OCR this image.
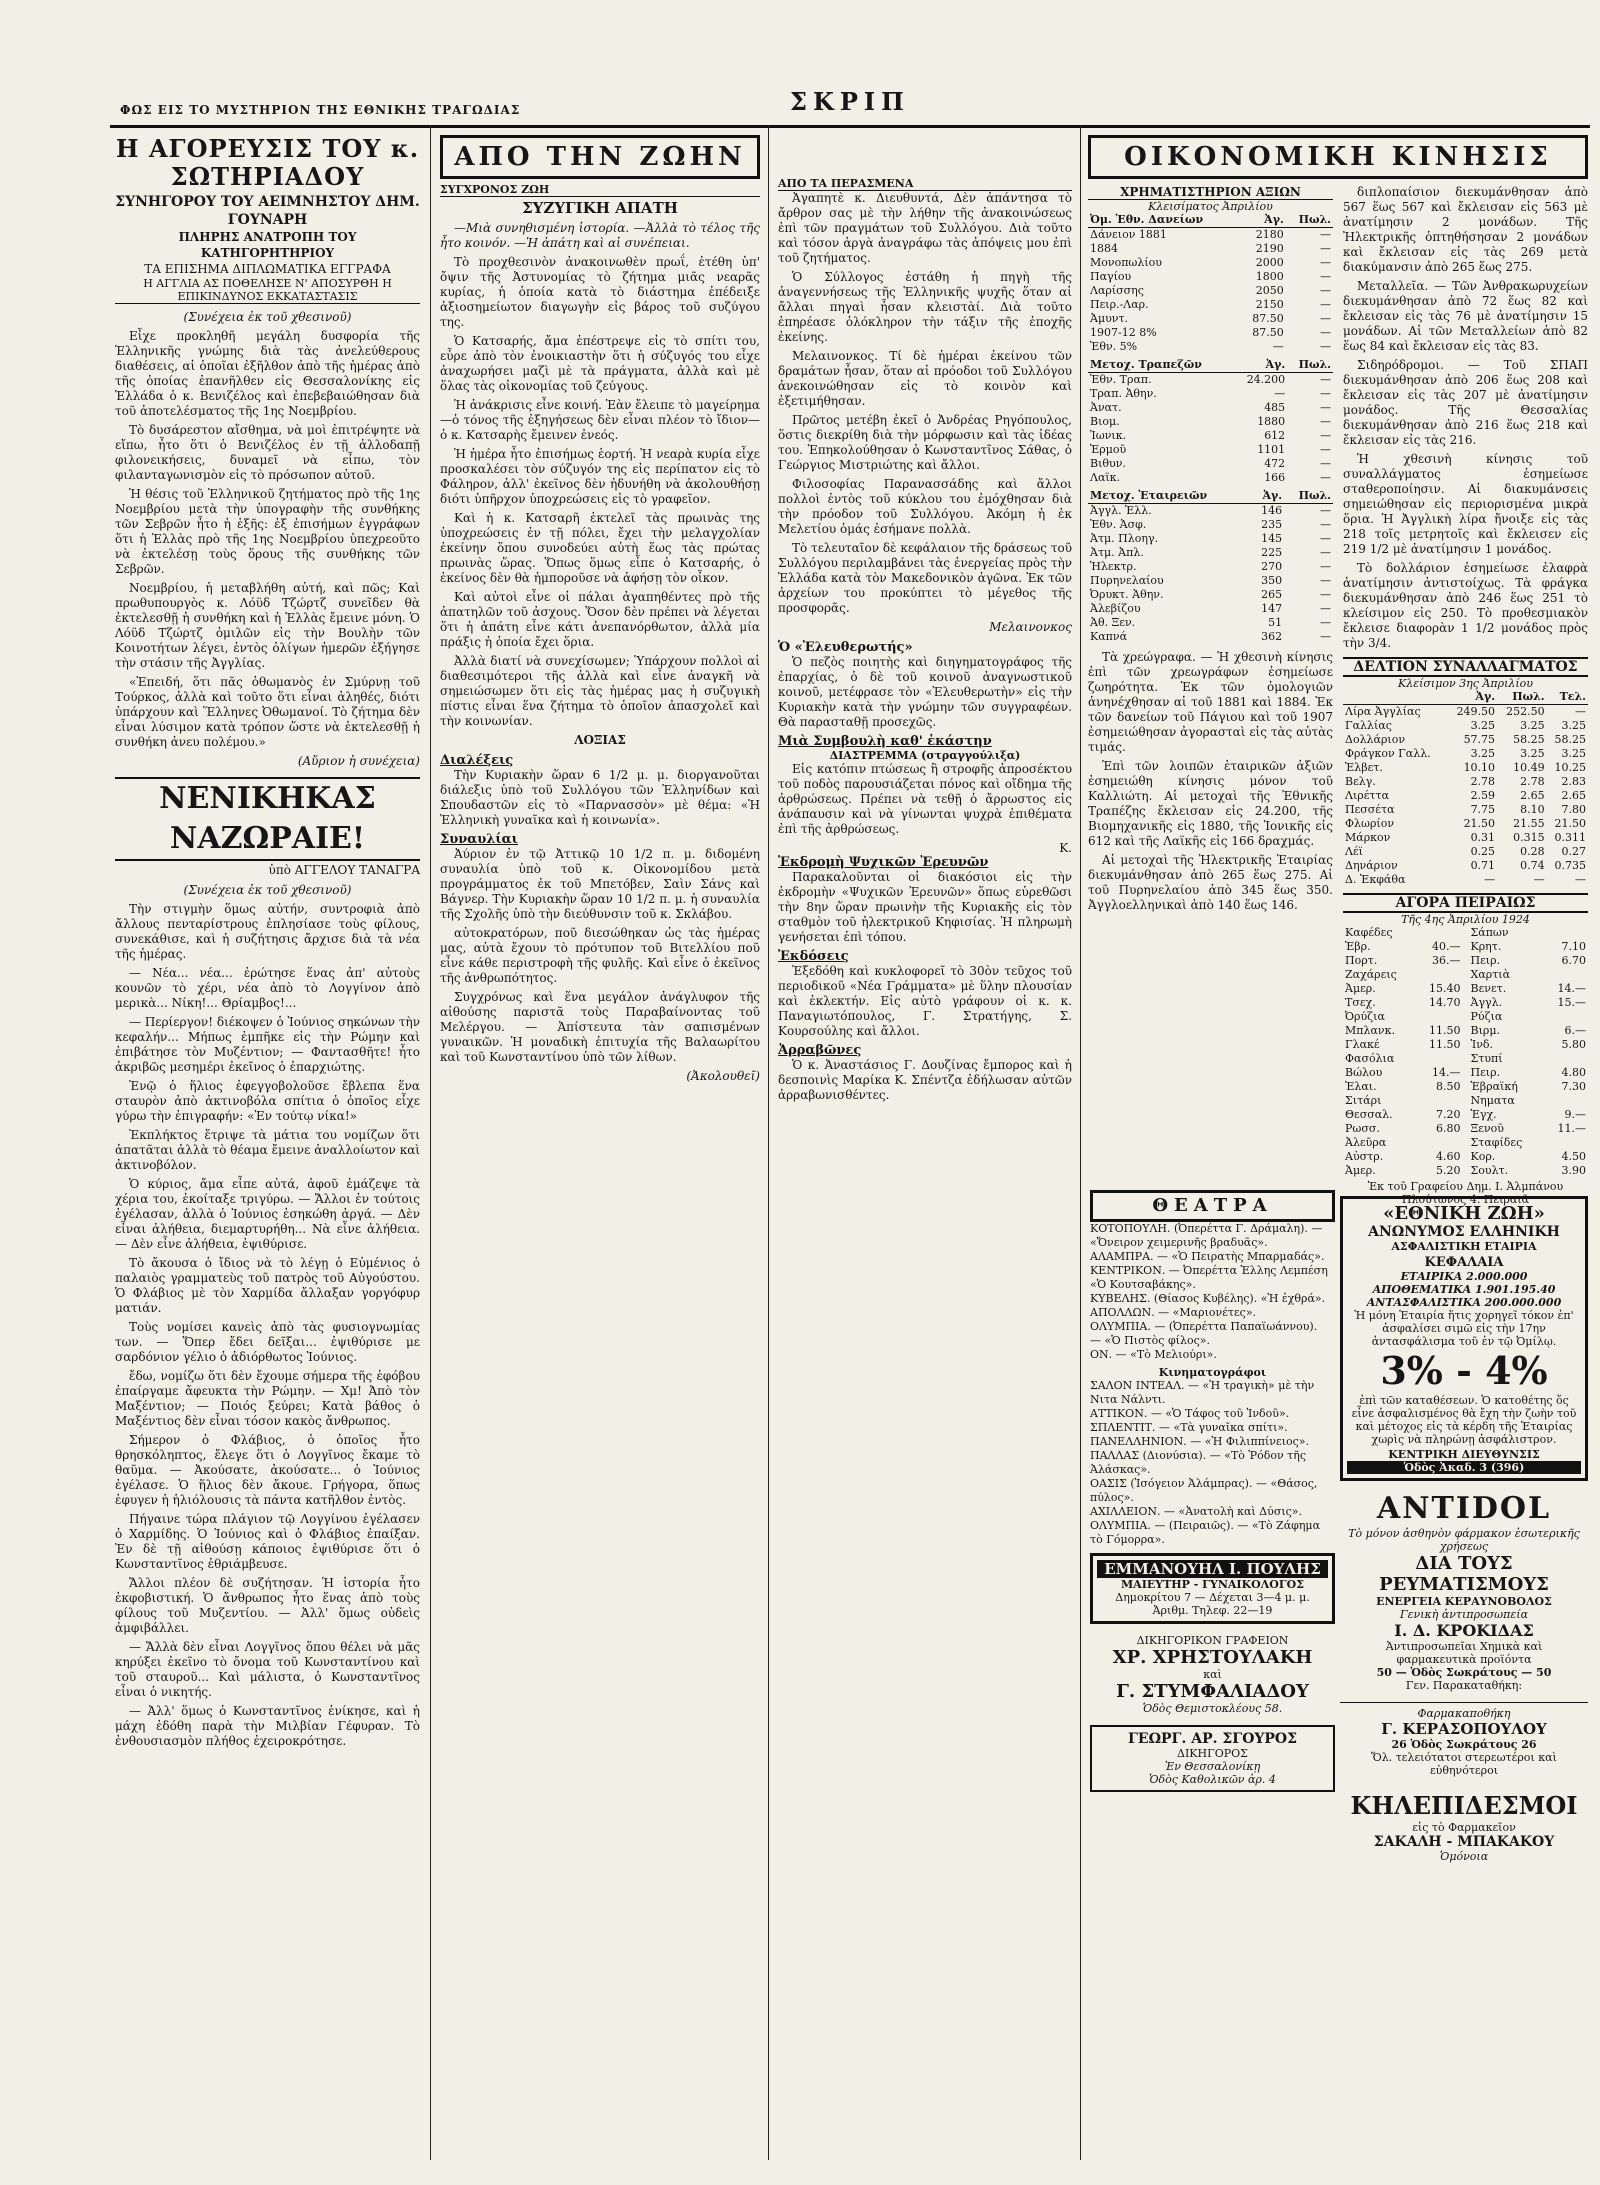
ΦΩΣ ΕΙΣ ΤΟ ΜΥΣΤΗΡΙΟΝ ΤΗΣ ΕΘΝΙΚΗΣ ΤΡΑΓΩΔΙΑΣ	ΣΚΡΙΠ
Η ΑΓΟΡΕΥΣΙΣ ΤΟΥ κ. ΣΩΤΗΡΙΑΔΟΥ
ΣΥΝΗΓΟΡΟΥ ΤΟΥ ΑΕΙΜΝΗΣΤΟΥ ΔΗΜ. ΓΟΥΝΑΡΗ
ΠΛΗΡΗΣ ΑΝΑΤΡΟΠΗ ΤΟΥ ΚΑΤΗΓΟΡΗΤΗΡΙΟΥ
ΤΑ ΕΠΙΣΗΜΑ ΔΙΠΛΩΜΑΤΙΚΑ ΕΓΓΡΑΦΑ
Η ΑΓΓΛΙΑ ΑΣ ΠΟΘΕΛΗΣΕ Ν' ΑΠΟΣΥΡΘΗ Η ΕΠΙΚΙΝΔΥΝΟΣ ΕΚΚΑΤΑΣΤΑΣΙΣ

(Συνέχεια ἐκ τοῦ χθεσινοῦ)

Εἶχε προκληθῆ μεγάλη δυσφορία τῆς Ἑλληνικῆς γνώμης διὰ τὰς ἀνελεύθερους διαθέσεις, αἱ ὁποῖαι ἐξῆλθον ἀπὸ τῆς ἡμέρας ἀπὸ τῆς ὁποίας ἐπανῆλθεν εἰς Θεσσαλονίκης εἰς Ἑλλάδα ὁ κ. Βενιζέλος καὶ ἐπεβεβαιώθησαν διὰ τοῦ ἀποτελέσματος τῆς 1ης Νοεμβρίου.

Τὸ δυσάρεστον αἴσθημα, νὰ μοὶ ἐπιτρέψητε νὰ εἴπω, ἦτο ὅτι ὁ Βενιζέλος ἐν τῇ ἀλλοδαπῇ φιλονεικήσεις, δυναμεῖ νὰ εἶπω, τὸν φιλανταγωνισμὸν εἰς τὸ πρόσωπον αὐτοῦ.

Ἡ θέσις τοῦ Ἑλληνικοῦ ζητήματος πρὸ τῆς 1ης Νοεμβρίου μετὰ τὴν ὑπογραφὴν τῆς συνθήκης τῶν Σεβρῶν ἦτο ἡ ἑξῆς: ἐξ ἐπισήμων ἐγγράφων ὅτι ἡ Ἑλλὰς πρὸ τῆς 1ης Νοεμβρίου ὑπεχρεοῦτο νὰ ἐκτελέσῃ τοὺς ὅρους τῆς συνθήκης τῶν Σεβρῶν.

Νοεμβρίου, ἡ μεταβλήθη αὐτή, καὶ πῶς; Καὶ πρωθυπουργὸς κ. Λόϋδ Τζώρτζ συνεῖδεν θὰ ἐκτελεσθῇ ἡ συνθήκη καὶ ἡ Ἑλλὰς ἔμεινε μόνη. Ὁ Λόϋδ Τζώρτζ ὁμιλῶν εἰς τὴν Βουλὴν τῶν Κοινοτήτων λέγει, ἐντὸς ὀλίγων ἡμερῶν ἐξήγησε τὴν στάσιν τῆς Ἀγγλίας.

«Ἐπειδή, ὅτι πᾶς ὁθωμανὸς ἐν Σμύρνῃ τοῦ Τούρκος, ἀλλὰ καὶ τοῦτο ὅτι εἶναι ἀληθές, διότι ὑπάρχουν καὶ Ἕλληνες Ὀθωμανοί. Τὸ ζήτημα δὲν εἶναι λύσιμον κατὰ τρόπον ὥστε νὰ ἐκτελεσθῇ ἡ συνθήκη ἀνευ πολέμου.»

(Αὔριον ἡ συνέχεια)

ΝΕΝΙΚΗΚΑΣ ΝΑΖΩΡΑΙΕ!
ὑπὸ ΑΓΓΕΛΟΥ ΤΑΝΑΓΡΑ

(Συνέχεια ἐκ τοῦ χθεσινοῦ)

Τὴν στιγμὴν ὅμως αὐτήν, συντροφιὰ ἀπὸ ἄλλους πενταρίστρους ἐπλησίασε τοὺς φίλους, συνεκάθισε, καὶ ἡ συζήτησις ἄρχισε διὰ τὰ νέα τῆς ἡμέρας.

— Νέα... νέα... ἐρώτησε ἕνας ἀπ' αὐτοὺς κουνῶν τὸ χέρι, νέα ἀπὸ τὸ Λογγίνον ἀπὸ μερικὰ... Νίκη!... Θρίαμβος!...

— Περίεργον! διέκοψεν ὁ Ἰούνιος σηκώνων τὴν κεφαλήν... Μήπως ἐμπῆκε εἰς τὴν Ρώμην καὶ ἐπιβάτησε τὸν Μυζέντιον; — Φαντασθῆτε! ἦτο ἀκριβῶς μεσημέρι ἐκεῖνος ὁ ἐπαρχιώτης.

Ἐνῷ ὁ ἥλιος ἐφεγγοβολοῦσε ἔβλεπα ἕνα σταυρὸν ἀπὸ ἀκτινοβόλα σπίτια ὁ ὁποῖος εἶχε γύρω τὴν ἐπιγραφήν: «Ἐν τούτῳ νίκα!»

Ἐκπλήκτος ἔτριψε τὰ μάτια του νομίζων ὅτι ἀπατᾶται ἀλλὰ τὸ θέαμα ἔμεινε ἀναλλοίωτον καὶ ἀκτινοβόλον.

Ὁ κύριος, ἄμα εἶπε αὐτά, ἀφοῦ ἐμάζεψε τὰ χέρια του, ἐκοίταξε τριγύρω. — Ἄλλοι ἐν τούτοις ἐγέλασαν, ἀλλὰ ὁ Ἰούνιος ἐσηκώθη ἀργά. — Δὲν εἶναι ἀλήθεια, διεμαρτυρήθη... Νὰ εἶνε ἀλήθεια. — Δὲν εἶνε ἀλήθεια, ἐψιθύρισε.

Τὸ ἄκουσα ὁ ἴδιος νὰ τὸ λέγῃ ὁ Εὐμένιος ὁ παλαιὸς γραμματεὺς τοῦ πατρὸς τοῦ Αὐγούστου. Ὁ Φλάβιος μὲ τὸν Χαρμίδα ἄλλαξαν γοργόφυρ ματιάν.

Τοὺς νομίσει κανεὶς ἀπὸ τὰς φυσιογνωμίας των. — Ὅπερ ἔδει δεῖξαι... ἐψιθύρισε με σαρδόνιον γέλιο ὁ ἀδιόρθωτος Ἰούνιος.

ἔδω, νομίζω ὅτι δὲν ἔχουμε σήμερα τῆς ἐφόβου ἐπαίργαμε ἄφευκτα τὴν Ρώμην. — Χμ! Ἀπὸ τὸν Μαξέντιον; — Ποιός ξεύρει; Κατὰ βάθος ὁ Μαξέντιος δὲν εἶναι τόσον κακὸς ἄνθρωπος.

Σήμερον ὁ Φλάβιος, ὁ ὁποῖος ἦτο θρησκόληπτος, ἔλεγε ὅτι ὁ Λογγῖνος ἔκαμε τὸ θαῦμα. — Ἀκούσατε, ἀκούσατε... ὁ Ἰούνιος ἐγέλασε. Ὁ ἥλιος δὲν ἄκουε. Γρήγορα, ὅπως ἐφυγεν ἡ ἡλιόλουσις τὰ πάντα κατῆλθον ἐντὸς.

Πήγαινε τώρα πλάγιον τῷ Λογγίνου ἐγέλασεν ὁ Χαρμίδης. Ὁ Ἰούνιος καὶ ὁ Φλάβιος ἐπαίξαν. Ἐν δὲ τῇ αἰθούσῃ κάποιος ἐψιθύρισε ὅτι ὁ Κωνσταντῖνος ἐθριάμβευσε.

Ἄλλοι πλέον δὲ συζήτησαν. Ἡ ἱστορία ἦτο ἐκφοβιστική. Ὁ ἄνθρωπος ἦτο ἕνας ἀπὸ τοὺς φίλους τοῦ Μυζεντίου. — Ἀλλ' ὅμως οὐδεὶς ἀμφιβάλλει.

— Ἄλλὰ δὲν εἶναι Λογγῖνος ὅπου θέλει νὰ μᾶς κηρύξει ἐκεῖνο τὸ ὄνομα τοῦ Κωνσταντίνου καὶ τοῦ σταυροῦ... Καὶ μάλιστα, ὁ Κωνσταντῖνος εἶναι ὁ νικητής.

— Ἀλλ' ὅμως ὁ Κωνσταντῖνος ἐνίκησε, καὶ ἡ μάχη ἐδόθη παρὰ τὴν Μιλβίαν Γέφυραν. Τὸ ἐνθουσιασμὸν πλήθος ἐχειροκρότησε.

ΑΠΟ ΤΗΝ ΖΩΗΝ
ΣΥΓΧΡΟΝΟΣ ΖΩΗ
ΣΥΖΥΓΙΚΗ ΑΠΑΤΗ

—Μιὰ συνηθισμένη ἱστορία. —Ἀλλὰ τὸ τέλος τῆς ἦτο κοινόν. —Ἡ ἀπάτη καὶ αἱ συνέπειαι.

Τὸ προχθεσινὸν ἀνακοινωθὲν πρωΐ, ἐτέθη ὑπ' ὄψιν τῆς Ἀστυνομίας τὸ ζήτημα μιᾶς νεαρᾶς κυρίας, ἡ ὁποία κατὰ τὸ διάστημα ἐπέδειξε ἀξιοσημείωτον διαγωγὴν εἰς βάρος τοῦ συζύγου της.

Ὁ Κατσαρής, ἄμα ἐπέστρεψε εἰς τὸ σπίτι του, εὗρε ἀπὸ τὸν ἐνοικιαστὴν ὅτι ἡ σύζυγός του εἶχε ἀναχωρήσει μαζὶ μὲ τὰ πράγματα, ἀλλὰ καὶ μὲ ὅλας τὰς οἰκονομίας τοῦ ζεύγους.

Ἡ ἀνάκρισις εἶνε κοινή. Ἐὰν ἔλειπε τὸ μαγείρημα—ὁ τόνος τῆς ἐξηγήσεως δὲν εἶναι πλέον τὸ ἴδιον—ὁ κ. Κατσαρὴς ἔμεινεν ἐνεός.

Ἡ ἡμέρα ἦτο ἐπισήμως ἑορτή. Ἡ νεαρὰ κυρία εἶχε προσκαλέσει τὸν σύζυγόν της εἰς περίπατον εἰς τὸ Φάληρον, ἀλλ' ἐκεῖνος δὲν ἠδυνήθη νὰ ἀκολουθήσῃ διότι ὑπῆρχον ὑποχρεώσεις εἰς τὸ γραφεῖον.

Καὶ ἡ κ. Κατσαρῆ ἐκτελεῖ τὰς πρωινὰς της ὑποχρεώσεις ἐν τῇ πόλει, ἔχει τὴν μελαγχολίαν ἐκείνην ὅπου συνοδεύει αὐτὴ ἕως τὰς πρώτας πρωινὰς ὥρας. Ὅπως ὅμως εἶπε ὁ Κατσαρής, ὁ ἐκείνος δὲν θὰ ἠμποροῦσε νὰ ἀφήσῃ τὸν οἶκον.

Καὶ αὐτοὶ εἶνε οἱ πάλαι ἀγαπηθέντες πρὸ τῆς ἀπατηλῶν τοῦ ἀσχους. Ὅσον δὲν πρέπει νὰ λέγεται ὅτι ἡ ἀπάτη εἶνε κάτι ἀνεπανόρθωτον, ἀλλὰ μία πράξις ἡ ὁποία ἔχει ὅρια.

Ἀλλὰ διατί νὰ συνεχίσωμεν; Ὑπάρχουν πολλοὶ αἱ διαθεσιμότεροι τῆς ἀλλὰ καὶ εἶνε ἀναγκῆ νὰ σημειώσωμεν ὅτι εἰς τὰς ἡμέρας μας ἡ συζυγικὴ πίστις εἶναι ἕνα ζήτημα τὸ ὁποῖον ἀπασχολεῖ καὶ τὴν κοινωνίαν.

ΛΟΞΙΑΣ
Διαλέξεις

Τὴν Κυριακὴν ὥραν 6 1/2 μ. μ. διοργανοῦται διάλεξις ὑπὸ τοῦ Συλλόγου τῶν Ἑλληνίδων καὶ Σπουδαστῶν εἰς τὸ «Παρνασσὸν» μὲ θέμα: «Ἡ Ἑλληνικὴ γυναῖκα καὶ ἡ κοινωνία».

Συναυλίαι

Ἀύριον ἐν τῷ Ἀττικῷ 10 1/2 π. μ. διδομένη συναυλία ὑπὸ τοῦ κ. Οἰκονομίδου μετὰ προγράμματος ἐκ τοῦ Μπετόβεν, Σαὶν Σάνς καὶ Βάγνερ. Τὴν Κυριακὴν ὥραν 10 1/2 π. μ. ἡ συναυλία τῆς Σχολῆς ὑπὸ τὴν διεύθυνσιν τοῦ κ. Σκλάβου.

αὐτοκρατόρων, ποῦ διεσώθηκαν ὡς τὰς ἡμέρας μας, αὐτὰ ἔχουν τὸ πρότυπον τοῦ Βιτελλίου ποῦ εἶνε κάθε περιστροφὴ τῆς φυλῆς. Καὶ εἶνε ὁ ἐκεῖνος τῆς ἀνθρωπότητος.

Συγχρόνως καὶ ἕνα μεγάλον ἀνάγλυφον τῆς αἰθούσης παριστᾶ τοὺς Παραβαίνοντας τοῦ Μελέργου. — Ἀπίστευτα τὰν σαπισμένων γυναικῶν. Ἡ μοναδικὴ ἐπιτυχία τῆς Βαλαωρίτου καὶ τοῦ Κωνσταντίνου ὑπὸ τῶν λίθων.

(Ἀκολουθεῖ)

ΑΠΟ ΤΑ ΠΕΡΑΣΜΕΝΑ

Ἀγαπητὲ κ. Διευθυντά, Δὲν ἀπάντησα τὸ ἄρθρον σας μὲ τὴν λήθην τῆς ἀνακοινώσεως ἐπὶ τῶν πραγμάτων τοῦ Συλλόγου. Διὰ τοῦτο καὶ τόσον ἀργὰ ἀναγράφω τὰς ἀπόψεις μου ἐπὶ τοῦ ζητήματος.

Ὁ Σύλλογος ἐστάθη ἡ πηγὴ τῆς ἀναγεννήσεως τῆς Ἑλληνικῆς ψυχῆς ὅταν αἱ ἄλλαι πηγαὶ ἦσαν κλειστὰί. Διὰ τοῦτο ἐπηρέασε ὁλόκληρον τὴν τάξιν τῆς ἐποχῆς ἐκείνης.

Μελαινονκος. Τί δὲ ἡμέραι ἐκείνου τῶν δραμάτων ἦσαν, ὅταν αἱ πρόοδοι τοῦ Συλλόγου ἀνεκοινώθησαν εἰς τὸ κοινὸν καὶ ἐξετιμήθησαν.

Πρῶτος μετέβη ἐκεῖ ὁ Ἀνδρέας Ρηγόπουλος, ὅστις διεκρίθη διὰ τὴν μόρφωσιν καὶ τὰς ἰδέας του. Ἐπηκολούθησαν ὁ Κωνσταντῖνος Σάθας, ὁ Γεώργιος Μιστριώτης καὶ ἄλλοι.

Φιλοσοφίας Παρανασσάδης καὶ ἄλλοι πολλοὶ ἐντὸς τοῦ κύκλου του ἐμόχθησαν διὰ τὴν πρόοδον τοῦ Συλλόγου. Ἀκόμη ἡ ἐκ Μελετίου ὁμάς ἐσήμανε πολλὰ.

Τὸ τελευταῖον δὲ κεφάλαιον τῆς δράσεως τοῦ Συλλόγου περιλαμβάνει τὰς ἐνεργείας πρὸς τὴν Ἑλλάδα κατὰ τὸν Μακεδονικὸν ἀγῶνα. Ἐκ τῶν ἀρχείων του προκύπτει τὸ μέγεθος τῆς προσφορᾶς.

Μελαινονκος
Ὁ «Ἐλευθερωτής»

Ὁ πεζὸς ποιητὴς καὶ διηγηματογράφος τῆς ἐπαρχίας, ὁ δὲ τοῦ κοινοῦ ἀναγνωστικοῦ κοινοῦ, μετέφρασε τὸν «Ἐλευθερωτὴν» εἰς τὴν Κυριακὴν κατὰ τὴν γνώμην τῶν συγγραφέων. Θὰ παρασταθῇ προσεχῶς.

Μιὰ Συμβουλὴ καθ' ἑκάστην
ΔΙΑΣΤΡΕΜΜΑ (στραγγούλιξα)

Εἰς κατόπιν πτώσεως ἢ στροφῆς ἀπροσέκτου τοῦ ποδὸς παρουσιάζεται πόνος καὶ οἴδημα τῆς ἀρθρώσεως. Πρέπει νὰ τεθῇ ὁ ἄρρωστος εἰς ἀνάπαυσιν καὶ νὰ γίνωνται ψυχρὰ ἐπιθέματα ἐπὶ τῆς ἀρθρώσεως.

Κ.
Ἑκδρομὴ Ψυχικῶν Ἐρευνῶν

Παρακαλοῦνται οἱ διακόσιοι εἰς τὴν ἐκδρομὴν «Ψυχικῶν Ἐρευνῶν» ὅπως εὑρεθῶσι τὴν 8ην ὥραν πρωινὴν τῆς Κυριακῆς εἰς τὸν σταθμὸν τοῦ ἠλεκτρικοῦ Κηφισίας. Ἡ πληρωμὴ γενήσεται ἐπὶ τόπου.

Ἐκδόσεις

Ἐξεδόθη καὶ κυκλοφορεῖ τὸ 30ὸν τεῦχος τοῦ περιοδικοῦ «Νέα Γράμματα» μὲ ὕλην πλουσίαν καὶ ἐκλεκτήν. Εἰς αὐτὸ γράφουν οἱ κ. κ. Παναγιωτόπουλος, Γ. Στρατήγης, Σ. Κουρσούλης καὶ ἄλλοι.

Ἀρραβῶνες

Ὁ κ. Ἀναστάσιος Γ. Δουζίνας ἔμπορος καὶ ἡ δεσποινὶς Μαρίκα Κ. Σπέντζα ἐδήλωσαν αὐτῶν ἀρραβωνισθέντες.

ΟΙΚΟΝΟΜΙΚΗ ΚΙΝΗΣΙΣ
ΧΡΗΜΑΤΙΣΤΗΡΙΟΝ ΑΞΙΩΝ
Κλεισίματος Ἀπριλίου
Ὀμ. Ἐθν. Δανείων	Ἀγ.	Πωλ.
Δάνειον 1881	2180	—
1884	2190	—
Μονοπωλίου	2000	—
Παγίου	1800	—
Λαρίσσης	2050	—
Πειρ.-Λαρ.	2150	—
Ἀμυντ.	87.50	—
1907-12 8%	87.50	—
Ἐθν. 5%	—	—
Μετοχ. Τραπεζῶν	Ἀγ.	Πωλ.
Ἐθν. Τραπ.	24.200	—
Τραπ. Ἀθην.	—	—
Ἀνατ.	485	—
Βιομ.	1880	—
Ἰωνικ.	612	—
Ἑρμοῦ	1101	—
Βιθυν.	472	—
Λαϊκ.	166	—
Μετοχ. Ἑταιρειῶν	Ἀγ.	Πωλ.
Ἀγγλ. Ἑλλ.	146	—
Ἐθν. Ἀσφ.	235	—
Ἀτμ. Πλοηγ.	145	—
Ἀτμ. Ἀπλ.	225	—
Ἡλεκτρ.	270	—
Πυρηνελαίου	350	—
Ὀρυκτ. Ἀθην.	265	—
Ἀλεβίζου	147	—
Ἀθ. Ξεν.	51	—
Καπνά	362	—

Τὰ χρεώγραφα. — Ἡ χθεσινὴ κίνησις ἐπὶ τῶν χρεωγράφων ἐσημείωσε ζωηρότητα. Ἐκ τῶν ὀμολογιῶν ἀνηνέχθησαν αἱ τοῦ 1881 καὶ 1884. Ἐκ τῶν δανείων τοῦ Πάγιου καὶ τοῦ 1907 ἐσημειώθησαν ἀγορασταὶ εἰς τὰς αὐτὰς τιμάς.

Ἐπὶ τῶν λοιπῶν ἑταιρικῶν ἀξιῶν ἐσημειώθη κίνησις μόνον τοῦ Καλλιώτη. Αἱ μετοχαὶ τῆς Ἐθνικῆς Τραπέζης ἔκλεισαν εἰς 24.200, τῆς Βιομηχανικῆς εἰς 1880, τῆς Ἰονικῆς εἰς 612 καὶ τῆς Λαϊκῆς εἰς 166 δραχμάς.

Αἱ μετοχαὶ τῆς Ἠλεκτρικῆς Ἑταιρίας διεκυμάνθησαν ἀπὸ 265 ἕως 275. Αἱ τοῦ Πυρηνελαίου ἀπὸ 345 ἕως 350. Ἀγγλοελληνικαὶ ἀπὸ 140 ἕως 146.

διπλοπαίσιον διεκυμάνθησαν ἀπὸ 567 ἕως 567 καὶ ἔκλεισαν εἰς 563 μὲ ἀνατίμησιν 2 μονάδων. Τῆς Ἠλεκτρικῆς ὁπτηθήσησαν 2 μονάδων καὶ ἔκλεισαν εἰς τὰς 269 μετὰ διακύμανσιν ἀπὸ 265 ἕως 275.

Μεταλλεῖα. — Τῶν Ἀνθρακωρυχείων διεκυμάνθησαν ἀπὸ 72 ἕως 82 καὶ ἔκλεισαν εἰς τὰς 76 μὲ ἀνατίμησιν 15 μονάδων. Αἱ τῶν Μεταλλείων ἀπὸ 82 ἕως 84 καὶ ἔκλεισαν εἰς τὰς 83.

Σιδηρόδρομοι. — Τοῦ ΣΠΑΠ διεκυμάνθησαν ἀπὸ 206 ἕως 208 καὶ ἔκλεισαν εἰς τὰς 207 μὲ ἀνατίμησιν μονάδος. Τῆς Θεσσαλίας διεκυμάνθησαν ἀπὸ 216 ἕως 218 καὶ ἔκλεισαν εἰς τὰς 216.

Ἡ χθεσινὴ κίνησις τοῦ συναλλάγματος ἐσημείωσε σταθεροποίησιν. Αἱ διακυμάνσεις σημειώθησαν εἰς περιορισμένα μικρὰ ὅρια. Ἡ Ἀγγλικὴ λίρα ἤνοιξε εἰς τὰς 218 τοῖς μετρητοῖς καὶ ἔκλεισεν εἰς 219 1/2 μὲ ἀνατίμησιν 1 μονάδος.

Τὸ δολλάριον ἐσημείωσε ἐλαφρὰ ἀνατίμησιν ἀντιστοίχως. Τὰ φράγκα διεκυμάνθησαν ἀπὸ 246 ἕως 251 τὸ κλείσιμον εἰς 250. Τὸ προθεσμιακὸν ἔκλεισε διαφορὰν 1 1/2 μονάδος πρὸς τὴν 3/4.

ΔΕΛΤΙΟΝ ΣΥΝΑΛΛΑΓΜΑΤΟΣ
Κλείσιμον 3ης Ἀπριλίου
	Ἀγ.	Πωλ.	Τελ.
Λίρα Ἀγγλίας	249.50	252.50	—
Γαλλίας	3.25	3.25	3.25
Δολλάριον	57.75	58.25	58.25
Φράγκον Γαλλ.	3.25	3.25	3.25
Ἑλβετ.	10.10	10.49	10.25
Βελγ.	2.78	2.78	2.83
Λιρέττα	2.59	2.65	2.65
Πεσσέτα	7.75	8.10	7.80
Φλωρίον	21.50	21.55	21.50
Μάρκον	0.31	0.315	0.311
Λέϊ	0.25	0.28	0.27
Δηνάριον	0.71	0.74	0.735
Δ. Ἐκφάθα	—	—	—
ΑΓΟΡΑ ΠΕΙΡΑΙΩΣ
Τῆς 4ης Ἀπριλίου 1924
Καφέδες	
Ἑβρ.	40.—
Πορτ.	36.—
Ζαχάρεις	
Ἀμερ.	15.40
Τσεχ.	14.70
Ὀρύζια	
Μπλανκ.	11.50
Γλακέ	11.50
Φασόλια	
Βώλου	14.—
Ἐλαι.	8.50
Σιτάρι	
Θεσσαλ.	7.20
Ρωσσ.	6.80
Ἀλεῦρα	
Αὐστρ.	4.60
Ἀμερ.	5.20
Σάπων	
Κρητ.	7.10
Πειρ.	6.70
Χαρτιὰ	
Βενετ.	14.—
Ἀγγλ.	15.—
Ρύζια	
Βιρμ.	6.—
Ἰνδ.	5.80
Στυπί	
Πειρ.	4.80
Ἑβραϊκή	7.30
Νηματα	
Ἐγχ.	9.—
Ξενοῦ	11.—
Σταφίδες	
Κορ.	4.50
Σουλτ.	3.90
Ἐκ τοῦ Γραφείου Δημ. Ι. Ἀλμπάνου
Πλούτωνος 4. Πειραιᾶ
ΘΕΑΤΡΑ
ΚΟΤΟΠΟΥΛΗ. (Ὀπερέττα Γ. Δράμαλη). — «Ὄνειρον χειμερινῆς βραδυᾶς».
ΑΛΑΜΠΡΑ. — «Ὁ Πειρατὴς Μπαρμαδάς».
ΚΕΝΤΡΙΚΟΝ. — Ὀπερέττα Ἑλλης Λεμπέση «Ὁ Κουτσαβάκης».
ΚΥΒΕΛΗΣ. (Θίασος Κυβέλης). «Ἡ ἐχθρά».
ΑΠΟΛΛΩΝ. — «Μαριονέτες».
ΟΛΥΜΠΙΑ. — (Ὀπερέττα Παπαϊωάννου).
— «Ὁ Πιστὸς φίλος».
ΟΝ. — «Τὸ Μελιούρι».
Κινηματογράφοι
ΣΑΛΟΝ ΙΝΤΕΑΛ. — «Ἡ τραγικὴ» μὲ τὴν Νιτα Νάλντι.
ΑΤΤΙΚΟΝ. — «Ὁ Τάφος τοῦ Ἰνδοῦ».
ΣΠΛΕΝΤΙΤ. — «Τὰ γυναῖκα σπίτι».
ΠΑΝΕΛΛΗΝΙΟΝ. — «Ἡ Φιλιππίνειος».
ΠΑΛΛΑΣ (Διονύσια). — «Τὸ Ῥόδον τῆς Ἀλάσκας».
ΟΑΣΙΣ (Ἰσόγειον Ἀλάμπρας). — «Θάσος, πύλος».
ΑΧΙΛΛΕΙΟΝ. — «Ἀνατολὴ καὶ Δύσις».
ΟΛΥΜΠΙΑ. — (Πειραιῶς). — «Τὸ Ζάφημα τὸ Γόμορρα».
ΕΜΜΑΝΟΥΗΛ Ι. ΠΟΥΛΗΣ
ΜΑΙΕΥΤΗΡ - ΓΥΝΑΙΚΟΛΟΓΟΣ
Δημοκρίτου 7 — Δέχεται 3—4 μ. μ.
Ἀριθμ. Τηλεφ. 22—19
ΔΙΚΗΓΟΡΙΚΟΝ ΓΡΑΦΕΙΟΝ
ΧΡ. ΧΡΗΣΤΟΥΛΑΚΗ
καὶ
Γ. ΣΤΥΜΦΑΛΙΑΔΟΥ
Ὁδὸς Θεμιστοκλέους 58.
ΓΕΩΡΓ. ΑΡ. ΣΓΟΥΡΟΣ
ΔΙΚΗΓΟΡΟΣ
Ἐν Θεσσαλονίκῃ
Ὁδὸς Καθολικῶν ἀρ. 4
«ΕΘΝΙΚΗ ΖΩΗ»
ΑΝΩΝΥΜΟΣ ΕΛΛΗΝΙΚΗ
ΑΣΦΑΛΙΣΤΙΚΗ ΕΤΑΙΡΙΑ
ΚΕΦΑΛΑΙΑ
ΕΤΑΙΡΙΚΑ 2.000.000
ΑΠΟΘΕΜΑΤΙΚΑ 1.901.195.40
ΑΝΤΑΣΦΑΛΙΣΤΙΚΑ 200.000.000
Ἡ μόνη Ἑταιρία ἥτις χορηγεῖ τόκον ἐπ' ἀσφαλίσει σιμῶ εἰς τὴν 17ην ἀντασφάλισμα τοῦ ἐν τῷ Ὀμίλῳ.
3% - 4%
ἐπὶ τῶν καταθέσεων. Ὁ κατοθέτης ὅς εἶνε ἀσφαλισμένος θὰ ἔχη τὴν ζωὴν τοῦ καὶ μέτοχος εἰς τὰ κέρδη τῆς Ἑταιρίας χωρὶς νὰ πληρώνῃ ἀσφάλιστρον.
ΚΕΝΤΡΙΚΗ ΔΙΕΥΘΥΝΣΙΣ
Ὁδὸς Ἀκαδ. 3 (396)
ANTIDOL
Τὸ μόνον ἀσθηνὸν φάρμακον ἐσωτερικῆς χρήσεως
ΔΙΑ ΤΟΥΣ ΡΕΥΜΑΤΙΣΜΟΥΣ
ΕΝΕΡΓΕΙΑ ΚΕΡΑΥΝΟΒΟΛΟΣ
Γενικὴ ἀντιπροσωπεία
Ι. Δ. ΚΡΟΚΙΔΑΣ
Ἀντιπροσωπεῖαι Χημικὰ καὶ φαρμακευτικὰ προϊόντα
50 — Ὁδὸς Σωκράτους — 50
Γεν. Παρακαταθήκη:
Φαρμακαποθήκη
Γ. ΚΕΡΑΣΟΠΟΥΛΟΥ
26 Ὁδὸς Σωκράτους 26
Ὅλ. τελειότατοι στερεωτέροι καὶ εὐθηνότεροι
ΚΗΛΕΠΙΔΕΣΜΟΙ
εἰς τὸ Φαρμακεῖον
ΣΑΚΑΛΗ - ΜΠΑΚΑΚΟΥ
Ὁμόνοια
